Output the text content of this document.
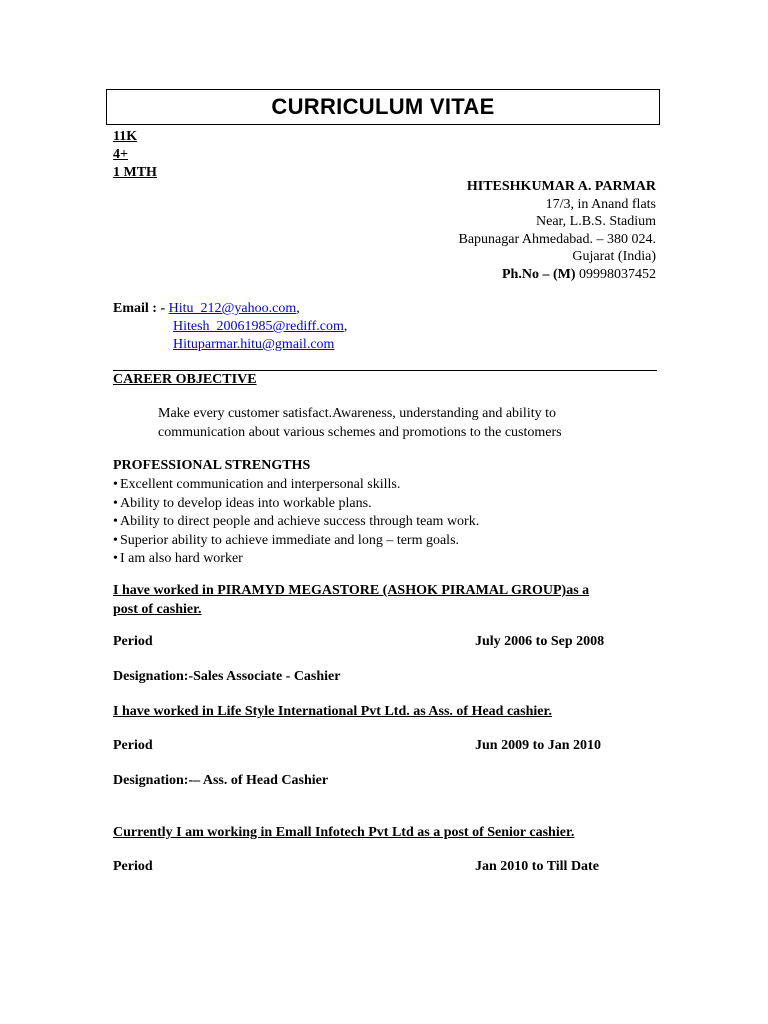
CURRICULUM VITAE
11K
4+
1 MTH
HITESHKUMAR A. PARMAR
17/3, in Anand flats
Near, L.B.S. Stadium
Bapunagar Ahmedabad. – 380 024.
Gujarat (India)
Ph.No – (M) 09998037452
Email : - Hitu_212@yahoo.com,
Hitesh_20061985@rediff.com,
Hituparmar.hitu@gmail.com
CAREER OBJECTIVE
Make every customer satisfact.Awareness, understanding and ability to
communication about various schemes and promotions to the customers
PROFESSIONAL STRENGTHS
• Excellent communication and interpersonal skills.
• Ability to develop ideas into workable plans.
• Ability to direct people and achieve success through team work.
• Superior ability to achieve immediate and long – term goals.
• I am also hard worker
I have worked in PIRAMYD MEGASTORE (ASHOK PIRAMAL GROUP)as a
post of cashier.
Period	July 2006 to Sep 2008
Designation:-Sales Associate - Cashier
I have worked in Life Style International Pvt Ltd. as Ass. of Head cashier.
Period	Jun 2009 to Jan 2010
Designation:-– Ass. of Head Cashier
Currently I am working in Emall Infotech Pvt Ltd as a post of Senior cashier.
Period	Jan 2010 to Till Date
